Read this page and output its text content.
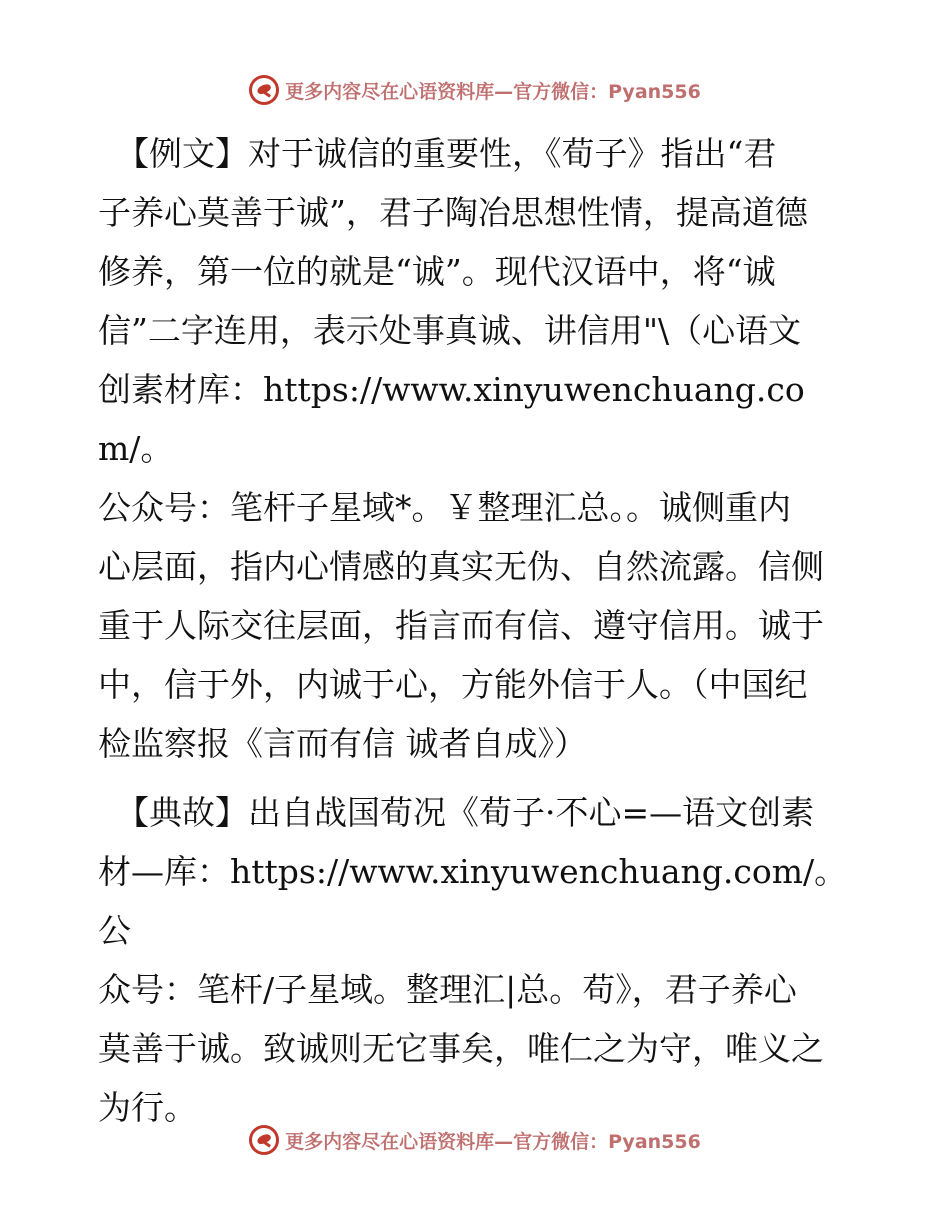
更多内容尽在心语资料库—官方微信：Pyan556
【例文】对于诚信的重要性，《荀子》指出“君
子养心莫善于诚”，君子陶冶思想性情，提高道德
修养，第一位的就是“诚”。现代汉语中，将“诚
信”二字连用，表示处事真诚、讲信用"\（心语文
创素材库：https://www.xinyuwenchuang.com/。
公众号：笔杆子星域*。￥整理汇总。。诚侧重内
心层面，指内心情感的真实无伪、自然流露。信侧
重于人际交往层面，指言而有信、遵守信用。诚于
中，信于外，内诚于心，方能外信于人。（中国纪
检监察报《言而有信 诚者自成》）
【典故】出自战国荀况《荀子·不心=—语文创素
材—库：https://www.xinyuwenchuang.com/。公
众号：笔杆/子星域。整理汇|总。苟》，君子养心
莫善于诚。致诚则无它事矣，唯仁之为守，唯义之
为行。
更多内容尽在心语资料库—官方微信：Pyan556
